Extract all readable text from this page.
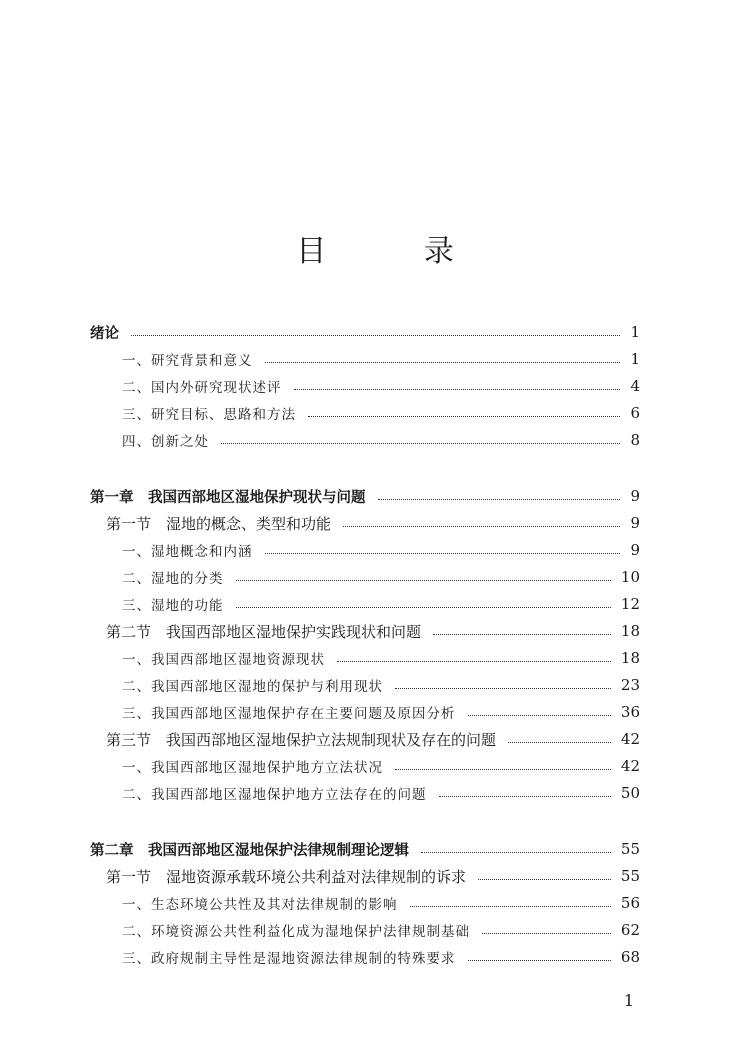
目 录
绪论	1
一、研究背景和意义	1
二、国内外研究现状述评	4
三、研究目标、思路和方法	6
四、创新之处	8
第一章　我国西部地区湿地保护现状与问题	9
第一节　湿地的概念、类型和功能	9
一、湿地概念和内涵	9
二、湿地的分类	10
三、湿地的功能	12
第二节　我国西部地区湿地保护实践现状和问题	18
一、我国西部地区湿地资源现状	18
二、我国西部地区湿地的保护与利用现状	23
三、我国西部地区湿地保护存在主要问题及原因分析	36
第三节　我国西部地区湿地保护立法规制现状及存在的问题	42
一、我国西部地区湿地保护地方立法状况	42
二、我国西部地区湿地保护地方立法存在的问题	50
第二章　我国西部地区湿地保护法律规制理论逻辑	55
第一节　湿地资源承载环境公共利益对法律规制的诉求	55
一、生态环境公共性及其对法律规制的影响	56
二、环境资源公共性利益化成为湿地保护法律规制基础	62
三、政府规制主导性是湿地资源法律规制的特殊要求	68
1
